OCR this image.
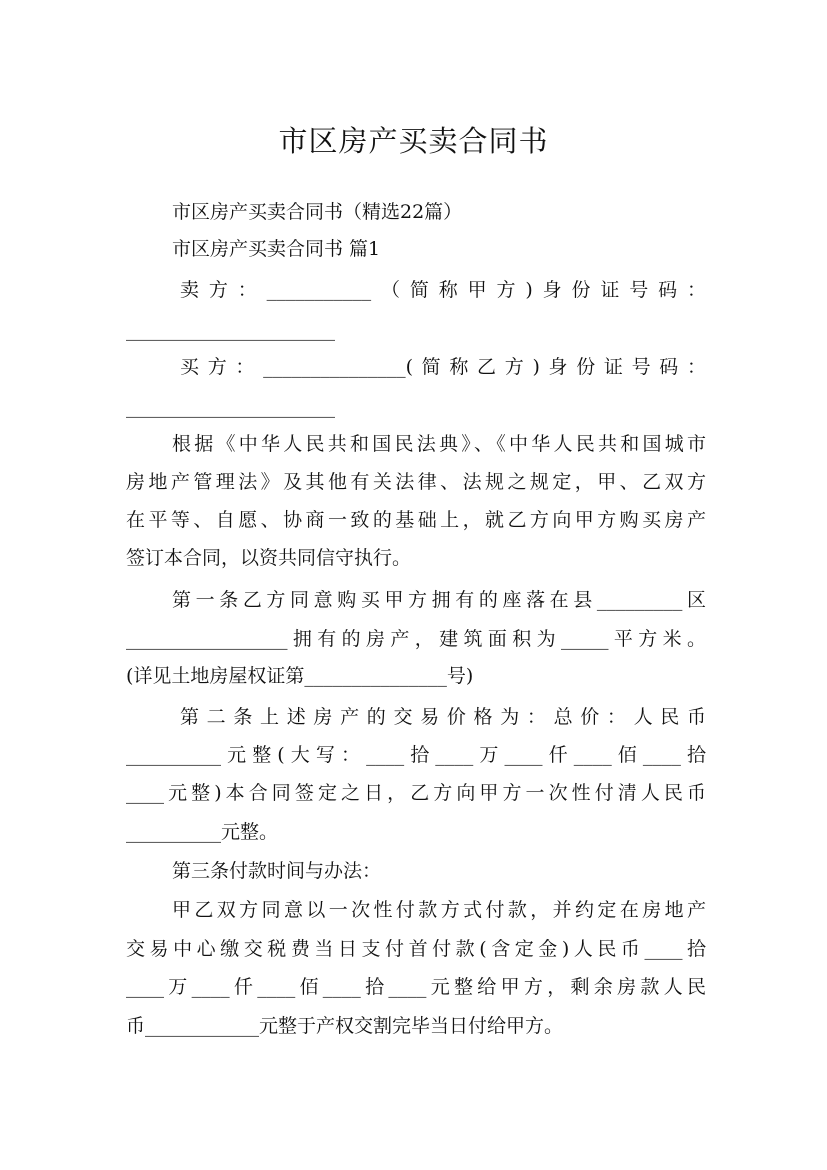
市区房产买卖合同书
市区房产买卖合同书（精选22篇）
市区房产买卖合同书 篇1
卖方：___________（简称甲方)身份证号码：
______________________
买方：_______________(简称乙方)身份证号码：
______________________
根据《中华人民共和国民法典》、《中华人民共和国城市
房地产管理法》及其他有关法律、法规之规定，甲、乙双方
在平等、自愿、协商一致的基础上，就乙方向甲方购买房产
签订本合同，以资共同信守执行。
第一条乙方同意购买甲方拥有的座落在县_________区
_________________拥有的房产，建筑面积为_____平方米。
(详见土地房屋权证第_______________号)
第二条上述房产的交易价格为：总价：人民币
__________元整(大写：____拾____万____仟____佰____拾
____元整)本合同签定之日，乙方向甲方一次性付清人民币
__________元整。
第三条付款时间与办法：
甲乙双方同意以一次性付款方式付款，并约定在房地产
交易中心缴交税费当日支付首付款(含定金)人民币____拾
____万____仟____佰____拾____元整给甲方，剩余房款人民
币____________元整于产权交割完毕当日付给甲方。
